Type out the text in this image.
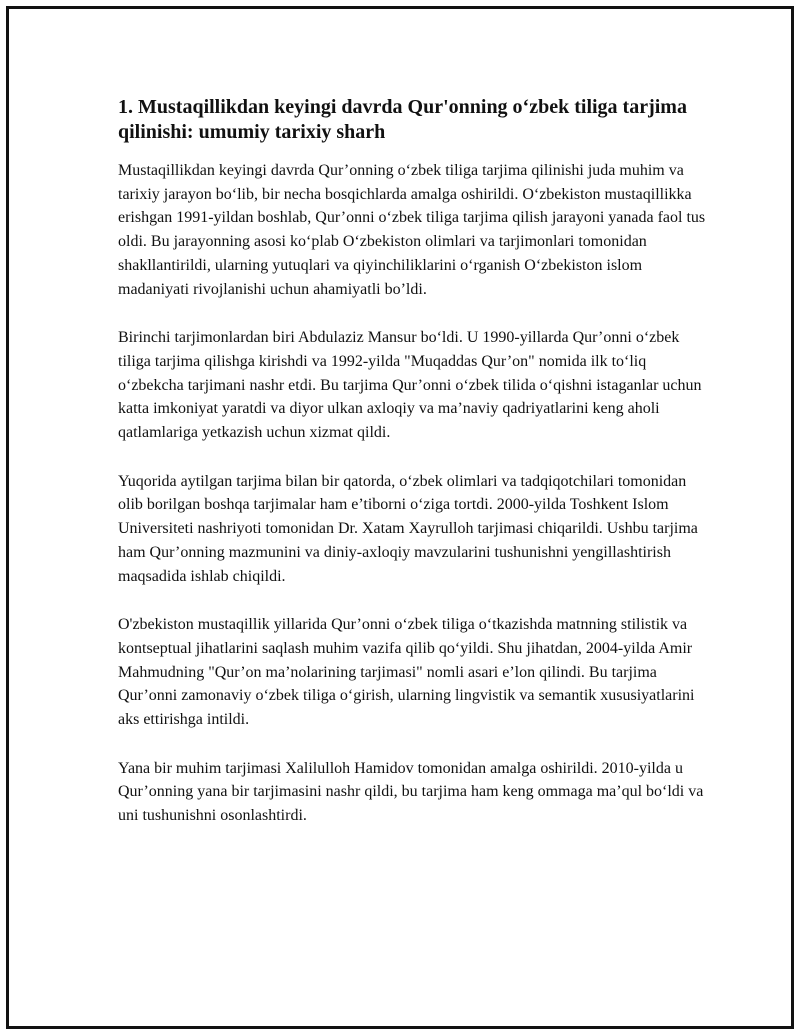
1. Mustaqillikdan keyingi davrda Qur'onning o‘zbek tiliga tarjima qilinishi: umumiy tarixiy sharh

Mustaqillikdan keyingi davrda Qur’onning o‘zbek tiliga tarjima qilinishi juda muhim va tarixiy jarayon bo‘lib, bir necha bosqichlarda amalga oshirildi. O‘zbekiston mustaqillikka erishgan 1991-yildan boshlab, Qur’onni o‘zbek tiliga tarjima qilish jarayoni yanada faol tus oldi. Bu jarayonning asosi ko‘plab O‘zbekiston olimlari va tarjimonlari tomonidan shakllantirildi, ularning yutuqlari va qiyinchiliklarini o‘rganish O‘zbekiston islom madaniyati rivojlanishi uchun ahamiyatli bo’ldi.

Birinchi tarjimonlardan biri Abdulaziz Mansur bo‘ldi. U 1990-yillarda Qur’onni o‘zbek tiliga tarjima qilishga kirishdi va 1992-yilda "Muqaddas Qur’on" nomida ilk to‘liq o‘zbekcha tarjimani nashr etdi. Bu tarjima Qur’onni o‘zbek tilida o‘qishni istaganlar uchun katta imkoniyat yaratdi va diyor ulkan axloqiy va ma’naviy qadriyatlarini keng aholi qatlamlariga yetkazish uchun xizmat qildi.

Yuqorida aytilgan tarjima bilan bir qatorda, o‘zbek olimlari va tadqiqotchilari tomonidan olib borilgan boshqa tarjimalar ham e’tiborni o‘ziga tortdi. 2000-yilda Toshkent Islom Universiteti nashriyoti tomonidan Dr. Xatam Xayrulloh tarjimasi chiqarildi. Ushbu tarjima ham Qur’onning mazmunini va diniy-axloqiy mavzularini tushunishni yengillashtirish maqsadida ishlab chiqildi.

O'zbekiston mustaqillik yillarida Qur’onni o‘zbek tiliga o‘tkazishda matnning stilistik va kontseptual jihatlarini saqlash muhim vazifa qilib qo‘yildi. Shu jihatdan, 2004-yilda Amir Mahmudning "Qur’on ma’nolarining tarjimasi" nomli asari e’lon qilindi. Bu tarjima Qur’onni zamonaviy o‘zbek tiliga o‘girish, ularning lingvistik va semantik xususiyatlarini aks ettirishga intildi.

Yana bir muhim tarjimasi Xalilulloh Hamidov tomonidan amalga oshirildi. 2010-yilda u Qur’onning yana bir tarjimasini nashr qildi, bu tarjima ham keng ommaga ma’qul bo‘ldi va uni tushunishni osonlashtirdi.
